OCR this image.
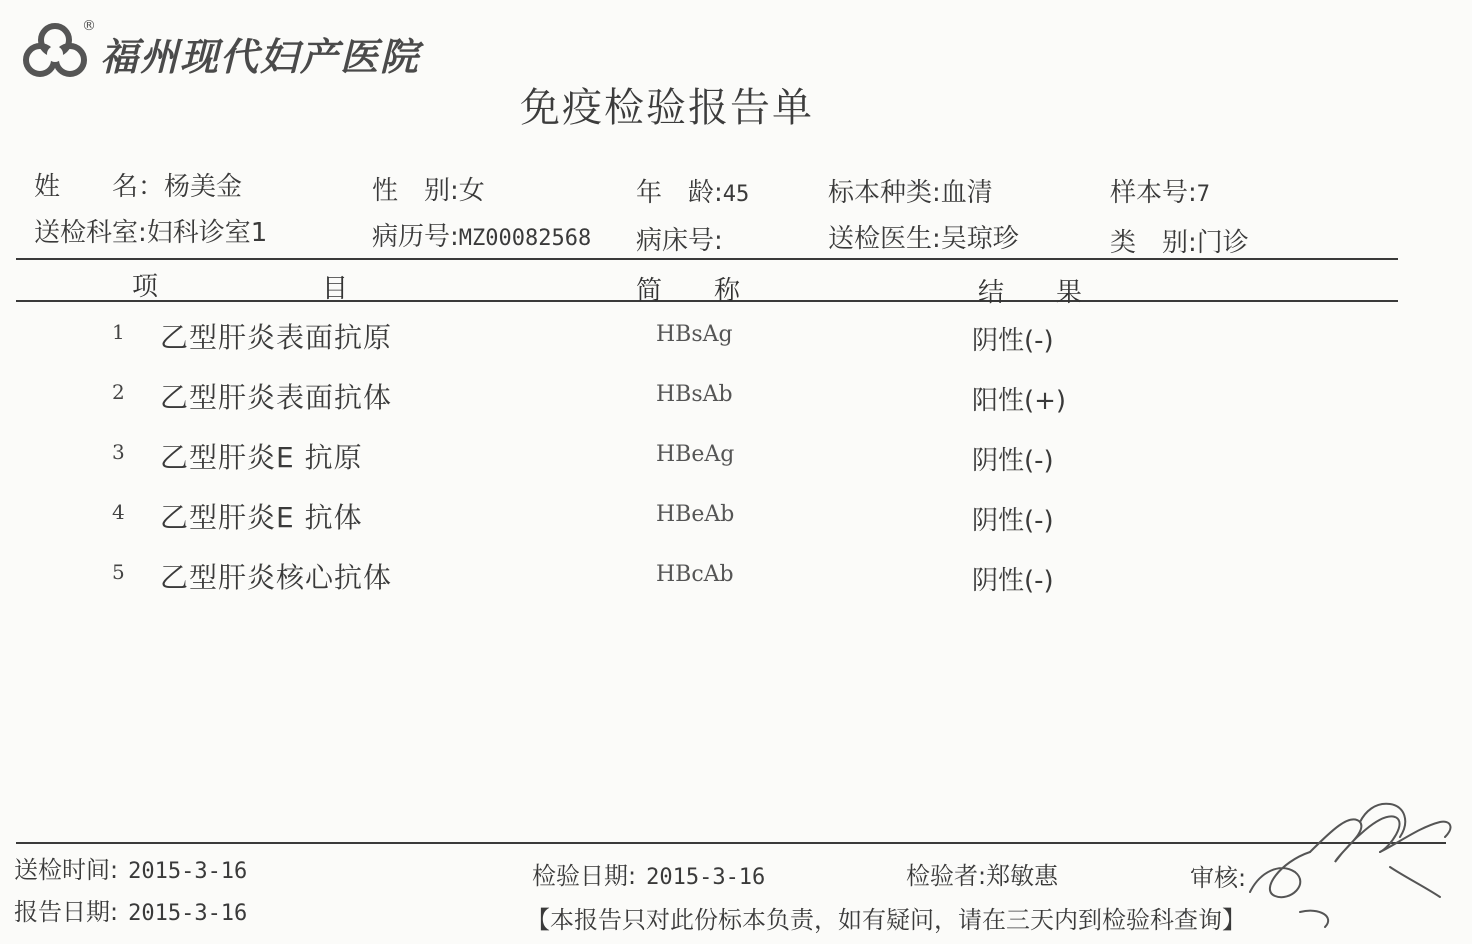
®
福州现代妇产医院
免疫检验报告单
姓　　名：杨美金	性　别:女	年　龄:45	标本种类:血清	样本号:7
送检科室:妇科诊室1	病历号:MZ00082568 病床号:	送检医生:吴琼珍	类　别:门诊
项	目	简　　称	结　　果
1 乙型肝炎表面抗原	HBsAg	阴性(-)
2 乙型肝炎表面抗体	HBsAb	阳性(+)
3 乙型肝炎E 抗原	HBeAg	阴性(-)
4 乙型肝炎E 抗体	HBeAb	阴性(-)
5 乙型肝炎核心抗体	HBcAb	阴性(-)
送检时间: 2015-3-16
报告日期: 2015-3-16
检验日期: 2015-3-16	检验者:郑敏惠	审核:
【本报告只对此份标本负责，如有疑问，请在三天内到检验科查询】
